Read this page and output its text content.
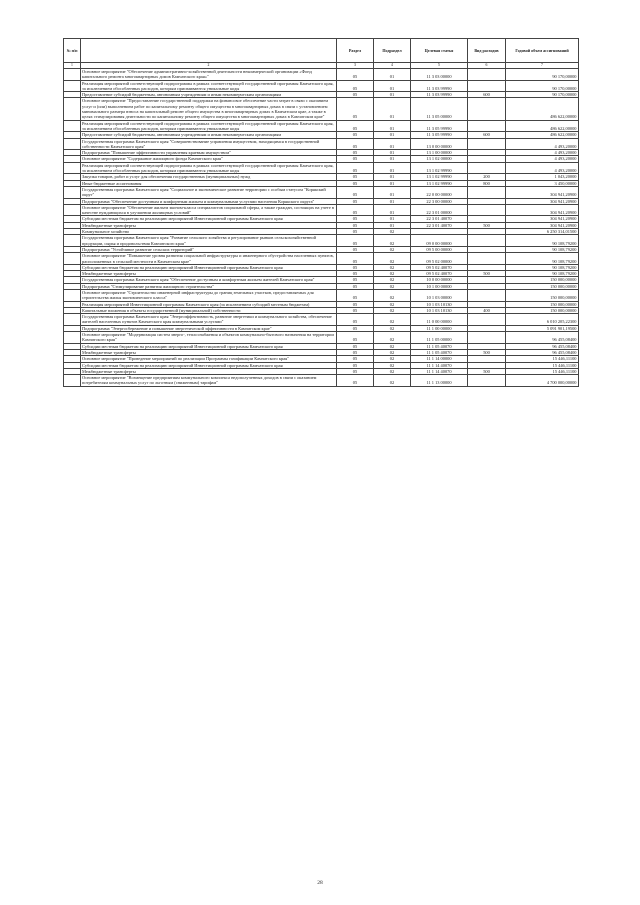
№ п/п		Раздел	Подраздел	Целевая статья	Вид расходов	Годовой объем ассигнований
1	2	3	4	5	6	7
	Основное мероприятие "Обеспечение административно-хозяйственной деятельности некоммерческой организации «Фонд капитального ремонта многоквартирных домов Камчатского края»"	05	01	11 3 03 00000		90 170,00000
	Реализация мероприятий соответствующей подпрограммы в рамках соответствующей государственной программы Камчатского края, за исключением обособленных расходов, которым присваиваются уникальные коды	05	01	11 3 03 99990		90 170,00000
	Предоставление субсидий бюджетным, автономным учреждениям и иным некоммерческим организациям	05	01	11 3 03 99990	600	90 170,00000
	Основное мероприятие "Предоставление государственной поддержки на финансовое обеспечение части затрат в связи с оказанием услуг и (или) выполнением работ по капитальному ремонту общего имущества в многоквартирных домах в связи с установлением минимального размера взноса на капитальный ремонт общего имущества в многоквартирных домах в Камчатском крае, а также в целях стимулирования деятельности по капитальному ремонту общего имущества в многоквартирных домах в Камчатском крае"	05	01	11 3 05 00000		486 622,00000
	Реализация мероприятий соответствующей подпрограммы в рамках соответствующей государственной программы Камчатского края, за исключением обособленных расходов, которым присваиваются уникальные коды	05	01	11 3 05 99990		486 622,00000
	Предоставление субсидий бюджетным, автономным учреждениям и иным некоммерческим организациям	05	01	11 3 05 99990	600	486 622,00000
	Государственная программа Камчатского края "Совершенствование управления имуществом, находящимся в государственной собственности Камчатского края"	05	01	13 0 00 00000		4 493,20000
	Подпрограмма "Повышение эффективности управления краевым имуществом"	05	01	13 1 00 00000		4 493,20000
	Основное мероприятие "Содержание жилищного фонда Камчатского края"	05	01	13 1 02 00000		4 493,20000
	Реализация мероприятий соответствующей подпрограммы в рамках соответствующей государственной программы Камчатского края, за исключением обособленных расходов, которым присваиваются уникальные коды	05	01	13 1 02 99990		4 493,20000
	Закупка товаров, работ и услуг для обеспечения государственных (муниципальных) нужд	05	01	13 1 02 99990	200	1 043,20000
	Иные бюджетные ассигнования	05	01	13 1 02 99990	800	3 450,00000
	Государственная программа Камчатского края "Социальное и экономическое развитие территории с особым статусом "Корякский округ"	05	01	22 0 00 00000		304 941,20900
	Подпрограмма "Обеспечение доступным и комфортным жильем и коммунальными услугами населения Корякского округа"	05	01	22 3 00 00000		304 941,20900
	Основное мероприятие "Обеспечение жильем эконом-класса специалистов социальной сферы, а также граждан, состоящих на учете в качестве нуждающихся в улучшении жилищных условий"	05	01	22 3 01 00000		304 941,20900
	Субсидии местным бюджетам на реализацию мероприятий Инвестиционной программы Камчатского края	05	01	22 3 01 40070		304 941,20900
	Межбюджетные трансферты	05	01	22 3 01 40070	500	304 941,20900
	Коммунальное хозяйство	05	02			6 250 314,01500
	Государственная программа Камчатского края "Развитие сельского хозяйства и регулирование рынков сельскохозяйственной продукции, сырья и продовольствия Камчатского края"	05	02	09 0 00 00000		90 108,79200
	Подпрограмма "Устойчивое развитие сельских территорий"	05	02	09 5 00 00000		90 108,79200
	Основное мероприятие "Повышение уровня развития социальной инфраструктуры и инженерного обустройства населенных пунктов, расположенных в сельской местности в Камчатском крае"	05	02	09 5 02 00000		90 108,79200
	Субсидии местным бюджетам на реализацию мероприятий Инвестиционной программы Камчатского края	05	02	09 5 02 40070		90 108,79200
	Межбюджетные трансферты	05	02	09 5 02 40070	500	90 108,79200
	Государственная программа Камчатского края "Обеспечение доступным и комфортным жильем жителей Камчатского края"	05	02	10 0 00 00000		150 000,00000
	Подпрограмма "Стимулирование развития жилищного строительства"	05	02	10 1 00 00000		150 000,00000
	Основное мероприятие "Строительство инженерной инфраструктуры до границ земельных участков, предоставляемых для строительства жилья экономического класса"	05	02	10 1 03 00000		150 000,00000
	Реализация мероприятий Инвестиционной программы Камчатского края (за исключением субсидий местным бюджетам)	05	02	10 1 03 10130		150 000,00000
	Капитальные вложения в объекты государственной (муниципальной) собственности	05	02	10 1 03 10130	400	150 000,00000
	Государственная программа Камчатского края "Энергоэффективность, развитие энергетики и коммунального хозяйства, обеспечение жителей населенных пунктов Камчатского края коммунальными услугами"	05	02	11 0 00 00000		6 010 205,22300
	Подпрограмма "Энергосбережение и повышение энергетической эффективности в Камчатском крае"	05	02	11 1 00 00000		5 091 901,19500
	Основное мероприятие "Модернизация систем энерго-, теплоснабжения и объектов коммунально-бытового назначения на территории Камчатского края"	05	02	11 1 05 00000		96 455,08400
	Субсидии местным бюджетам на реализацию мероприятий Инвестиционной программы Камчатского края	05	02	11 1 05 40070		96 455,08400
	Межбюджетные трансферты	05	02	11 1 05 40070	500	96 455,08400
	Основное мероприятие "Проведение мероприятий по реализации Программы газификации Камчатского края"	05	02	11 1 14 00000		15 446,11100
	Субсидии местным бюджетам на реализацию мероприятий Инвестиционной программы Камчатского края	05	02	11 1 14 40070		15 446,11100
	Межбюджетные трансферты	05	02	11 1 14 40070	500	15 446,11100
	Основное мероприятие "Возмещение предприятиям коммунального комплекса недополученных доходов в связи с оказанием потребителям коммунальных услуг по льготным (сниженным) тарифам"	05	02	11 1 13 00000		4 700 000,00000
28
